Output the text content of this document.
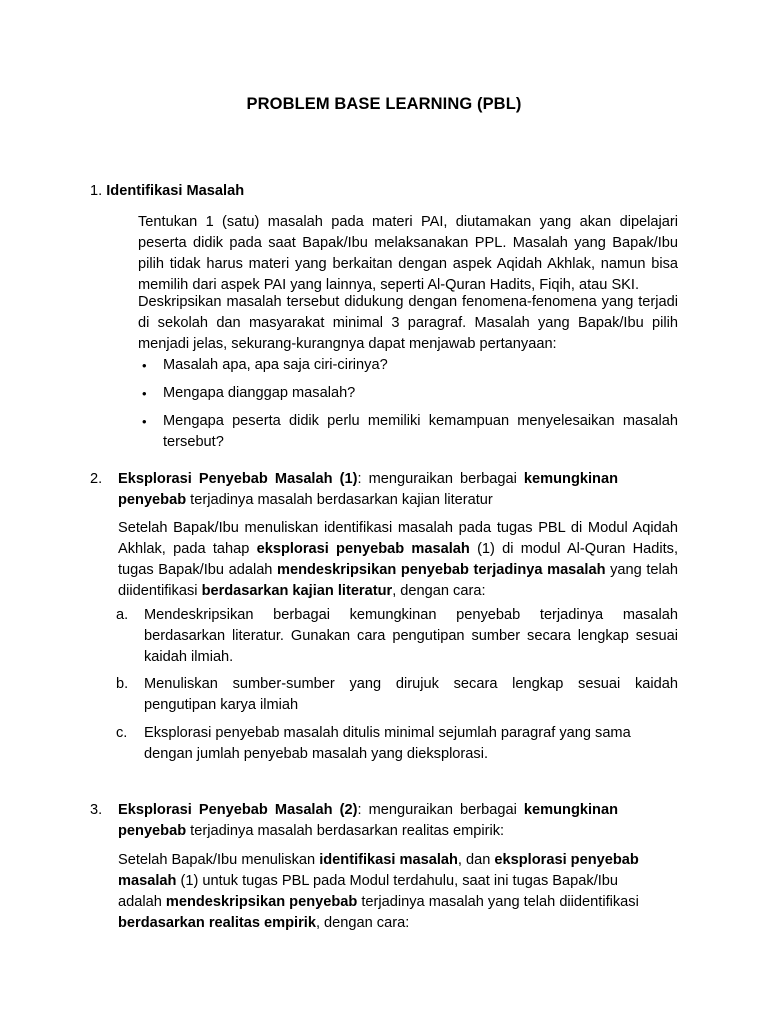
PROBLEM BASE LEARNING (PBL)
1. Identifikasi Masalah

Tentukan 1 (satu) masalah pada materi PAI, diutamakan yang akan dipelajari peserta didik pada saat Bapak/Ibu melaksanakan PPL. Masalah yang Bapak/Ibu pilih tidak harus materi yang berkaitan dengan aspek Aqidah Akhlak, namun bisa memilih dari aspek PAI yang lainnya, seperti Al-Quran Hadits, Fiqih, atau SKI.

Deskripsikan masalah tersebut didukung dengan fenomena-fenomena yang terjadi di sekolah dan masyarakat minimal 3 paragraf. Masalah yang Bapak/Ibu pilih menjadi jelas, sekurang-kurangnya dapat menjawab pertanyaan:

• Masalah apa, apa saja ciri-cirinya?
• Mengapa dianggap masalah?
• Mengapa peserta didik perlu memiliki kemampuan menyelesaikan masalah tersebut?
2. Eksplorasi Penyebab Masalah (1): menguraikan berbagai kemungkinan penyebab terjadinya masalah berdasarkan kajian literatur

Setelah Bapak/Ibu menuliskan identifikasi masalah pada tugas PBL di Modul Aqidah Akhlak, pada tahap eksplorasi penyebab masalah (1) di modul Al-Quran Hadits, tugas Bapak/Ibu adalah mendeskripsikan penyebab terjadinya masalah yang telah diidentifikasi berdasarkan kajian literatur, dengan cara:

a. Mendeskripsikan berbagai kemungkinan penyebab terjadinya masalah berdasarkan literatur. Gunakan cara pengutipan sumber secara lengkap sesuai kaidah ilmiah.
b. Menuliskan sumber-sumber yang dirujuk secara lengkap sesuai kaidah pengutipan karya ilmiah
c. Eksplorasi penyebab masalah ditulis minimal sejumlah paragraf yang sama dengan jumlah penyebab masalah yang dieksplorasi.
3. Eksplorasi Penyebab Masalah (2): menguraikan berbagai kemungkinan penyebab terjadinya masalah berdasarkan realitas empirik:

Setelah Bapak/Ibu menuliskan identifikasi masalah, dan eksplorasi penyebab masalah (1) untuk tugas PBL pada Modul terdahulu, saat ini tugas Bapak/Ibu adalah mendeskripsikan penyebab terjadinya masalah yang telah diidentifikasi berdasarkan realitas empirik, dengan cara:
